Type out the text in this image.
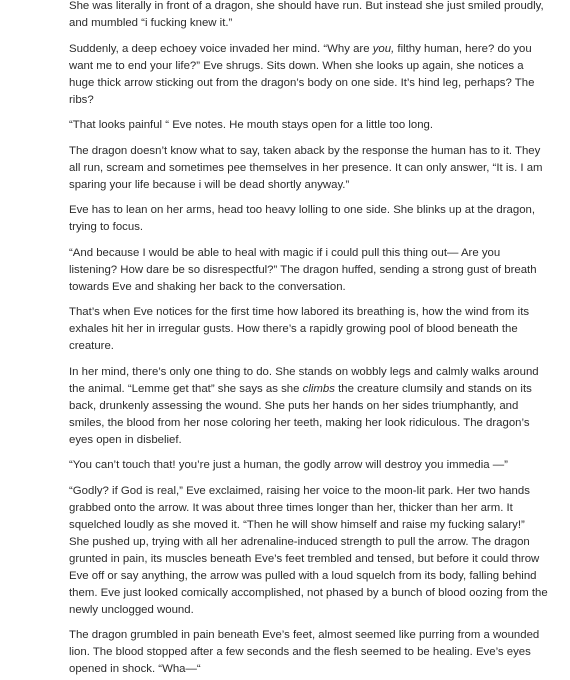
She was literally in front of a dragon, she should have run. But instead she just smiled proudly, and mumbled “i fucking knew it.”

Suddenly, a deep echoey voice invaded her mind. “Why are you, filthy human, here? do you want me to end your life?” Eve shrugs. Sits down. When she looks up again, she notices a huge thick arrow sticking out from the dragon’s body on one side. It’s hind leg, perhaps? The ribs?

“That looks painful “ Eve notes. He mouth stays open for a little too long.

The dragon doesn’t know what to say, taken aback by the response the human has to it. They all run, scream and sometimes pee themselves in her presence. It can only answer, “It is. I am sparing your life because i will be dead shortly anyway.”

Eve has to lean on her arms, head too heavy lolling to one side. She blinks up at the dragon, trying to focus.

“And because I would be able to heal with magic if i could pull this thing out— Are you listening? How dare be so disrespectful?” The dragon huffed, sending a strong gust of breath towards Eve and shaking her back to the conversation.

That’s when Eve notices for the first time how labored its breathing is, how the wind from its exhales hit her in irregular gusts. How there’s a rapidly growing pool of blood beneath the creature.

In her mind, there’s only one thing to do. She stands on wobbly legs and calmly walks around the animal. “Lemme get that” she says as she climbs the creature clumsily and stands on its back, drunkenly assessing the wound. She puts her hands on her sides triumphantly, and smiles, the blood from her nose coloring her teeth, making her look ridiculous. The dragon’s eyes open in disbelief.

“You can’t touch that! you’re just a human, the godly arrow will destroy you immedia —”

“Godly? if God is real,” Eve exclaimed, raising her voice to the moon-lit park. Her two hands grabbed onto the arrow. It was about three times longer than her, thicker than her arm. It squelched loudly as she moved it. “Then he will show himself and raise my fucking salary!” She pushed up, trying with all her adrenaline-induced strength to pull the arrow. The dragon grunted in pain, its muscles beneath Eve’s feet trembled and tensed, but before it could throw Eve off or say anything, the arrow was pulled with a loud squelch from its body, falling behind them. Eve just looked comically accomplished, not phased by a bunch of blood oozing from the newly unclogged wound.

The dragon grumbled in pain beneath Eve’s feet, almost seemed like purring from a wounded lion. The blood stopped after a few seconds and the flesh seemed to be healing. Eve’s eyes opened in shock. “Wha—“
